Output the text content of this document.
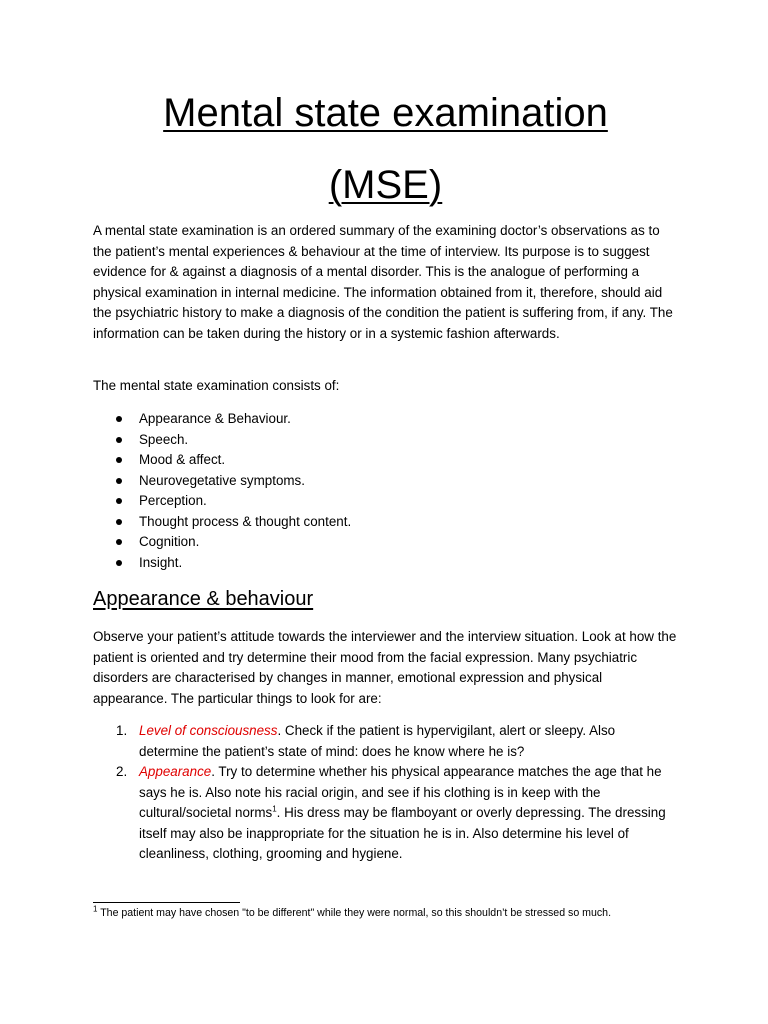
Mental state examination
(MSE)

A mental state examination is an ordered summary of the examining doctor’s observations as to the patient’s mental experiences & behaviour at the time of interview. Its purpose is to suggest evidence for & against a diagnosis of a mental disorder. This is the analogue of performing a physical examination in internal medicine. The information obtained from it, therefore, should aid the psychiatric history to make a diagnosis of the condition the patient is suffering from, if any. The information can be taken during the history or in a systemic fashion afterwards.

The mental state examination consists of:

Appearance & Behaviour.
Speech.
Mood & affect.
Neurovegetative symptoms.
Perception.
Thought process & thought content.
Cognition.
Insight.
Appearance & behaviour

Observe your patient’s attitude towards the interviewer and the interview situation. Look at how the patient is oriented and try determine their mood from the facial expression. Many psychiatric disorders are characterised by changes in manner, emotional expression and physical appearance. The particular things to look for are:

1. Level of consciousness. Check if the patient is hypervigilant, alert or sleepy. Also determine the patient’s state of mind: does he know where he is?
2. Appearance. Try to determine whether his physical appearance matches the age that he says he is. Also note his racial origin, and see if his clothing is in keep with the cultural/societal norms$^1$. His dress may be flamboyant or overly depressing. The dressing itself may also be inappropriate for the situation he is in. Also determine his level of cleanliness, clothing, grooming and hygiene.

$^1$ The patient may have chosen "to be different" while they were normal, so this shouldn’t be stressed so much.
